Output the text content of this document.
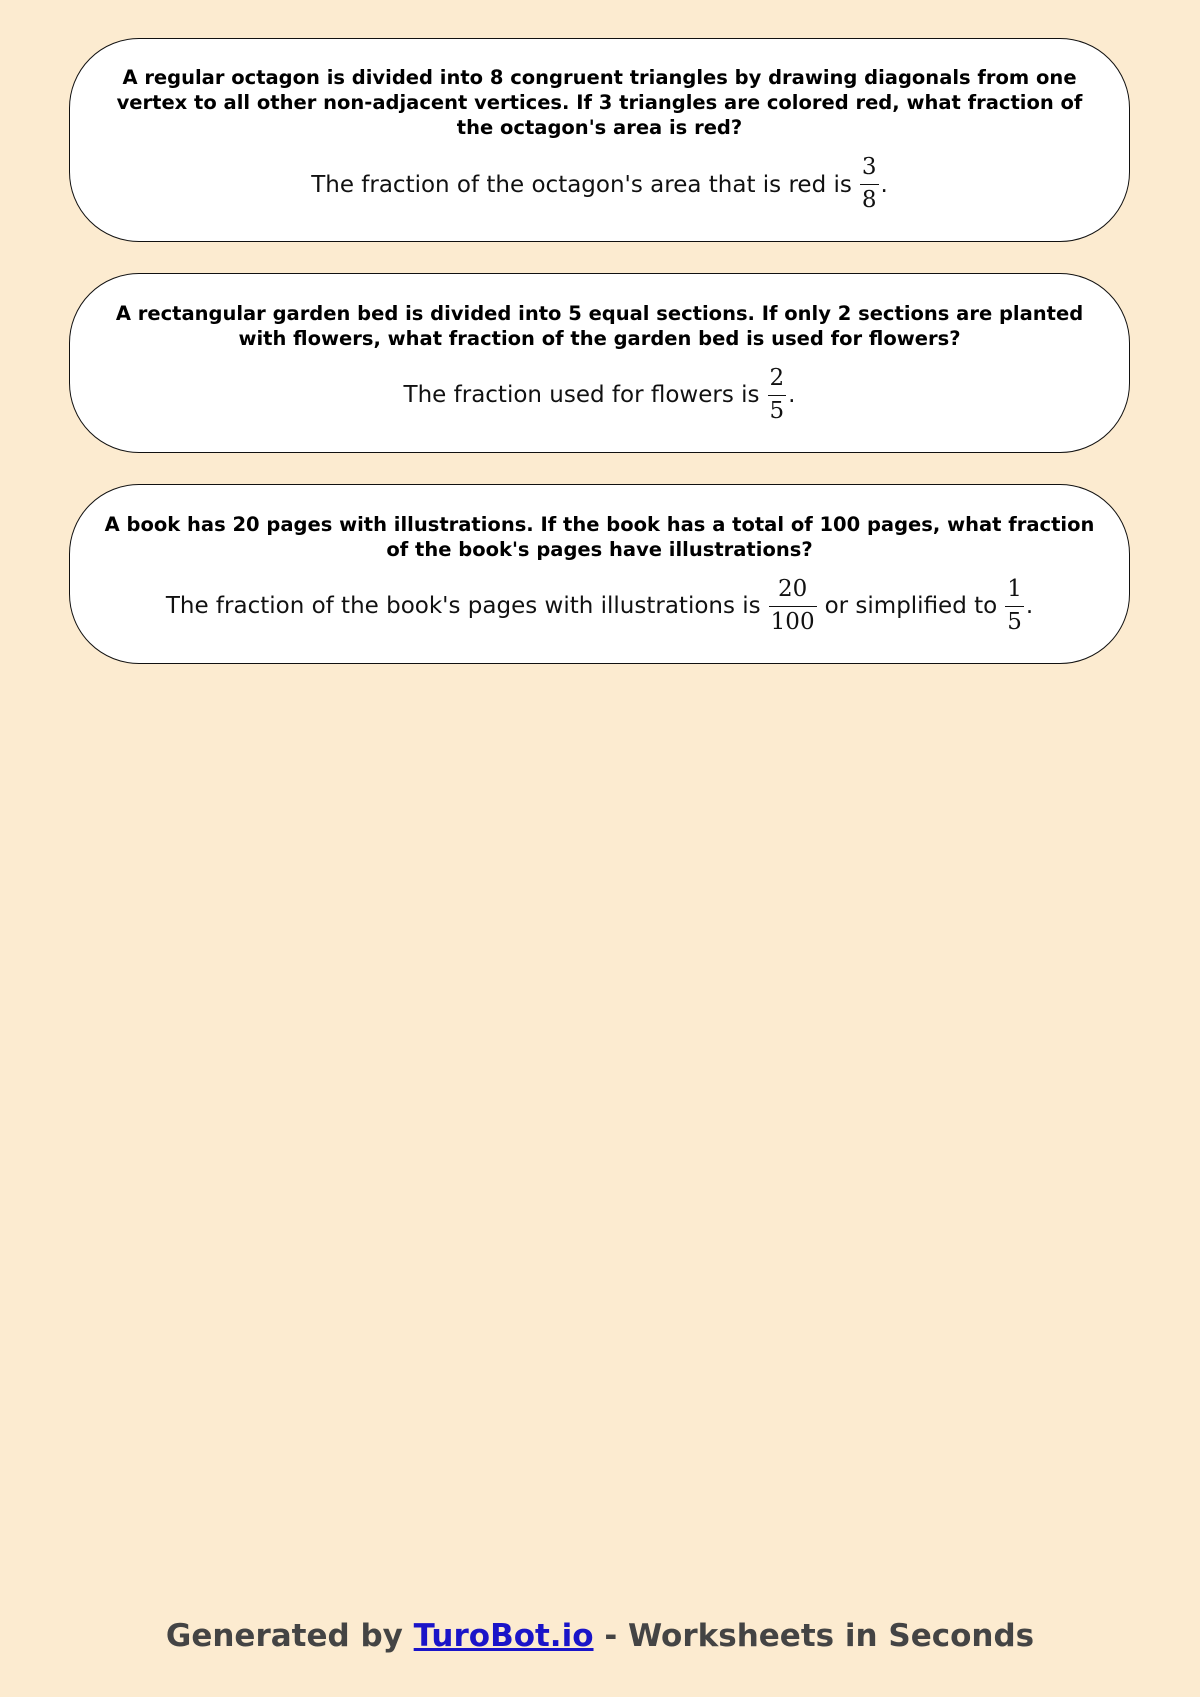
A regular octagon is divided into 8 congruent triangles by drawing diagonals from one vertex to all other non-adjacent vertices. If 3 triangles are colored red, what fraction of the octagon's area is red?

The fraction of the octagon's area that is red is $\frac{3}{8}$ .

A rectangular garden bed is divided into 5 equal sections. If only 2 sections are planted with flowers, what fraction of the garden bed is used for flowers?

The fraction used for flowers is $\frac{2}{5}$ .

A book has 20 pages with illustrations. If the book has a total of 100 pages, what fraction of the book's pages have illustrations?

The fraction of the book's pages with illustrations is $\frac{20}{100}$ or simplified to $\frac{1}{5}$ .
Generated by TuroBot.io - Worksheets in Seconds
